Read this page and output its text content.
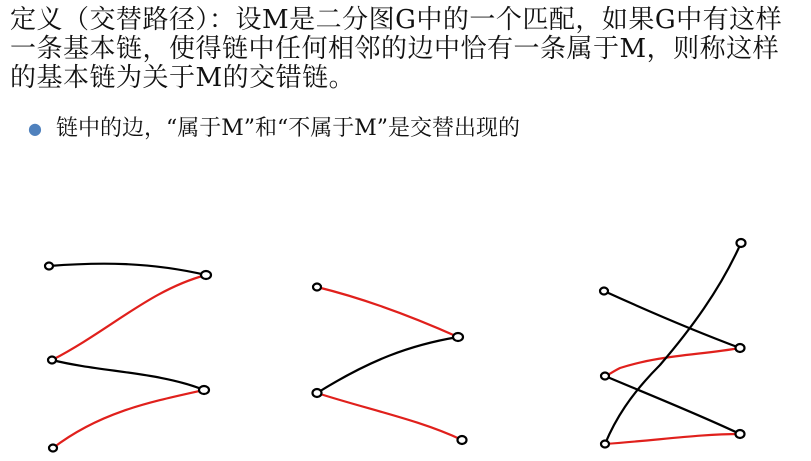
定义（交替路径）：设M是二分图G中的一个匹配，如果G中有这样一条基本链，使得链中任何相邻的边中恰有一条属于M，则称这样的基本链为关于M的交错链。
● 链中的边，“属于M”和“不属于M”是交替出现的
